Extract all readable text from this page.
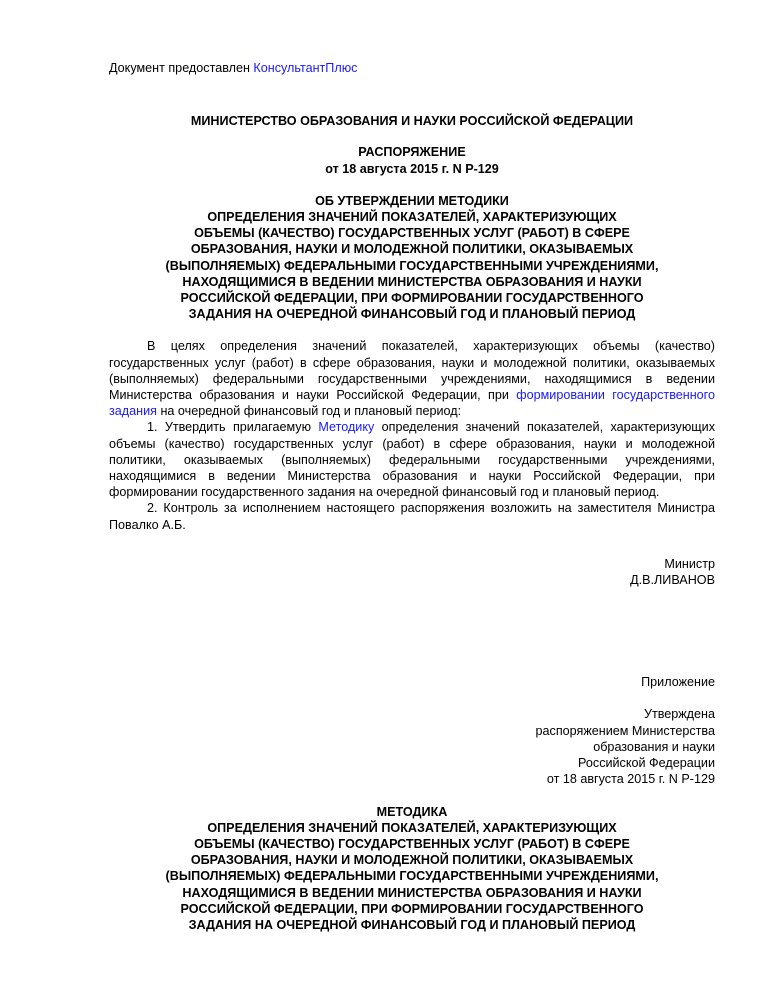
Документ предоставлен КонсультантПлюс

МИНИСТЕРСТВО ОБРАЗОВАНИЯ И НАУКИ РОССИЙСКОЙ ФЕДЕРАЦИИ

РАСПОРЯЖЕНИЕ

от 18 августа 2015 г. N Р-129

ОБ УТВЕРЖДЕНИИ МЕТОДИКИ

ОПРЕДЕЛЕНИЯ ЗНАЧЕНИЙ ПОКАЗАТЕЛЕЙ, ХАРАКТЕРИЗУЮЩИХ

ОБЪЕМЫ (КАЧЕСТВО) ГОСУДАРСТВЕННЫХ УСЛУГ (РАБОТ) В СФЕРЕ

ОБРАЗОВАНИЯ, НАУКИ И МОЛОДЕЖНОЙ ПОЛИТИКИ, ОКАЗЫВАЕМЫХ

(ВЫПОЛНЯЕМЫХ) ФЕДЕРАЛЬНЫМИ ГОСУДАРСТВЕННЫМИ УЧРЕЖДЕНИЯМИ,

НАХОДЯЩИМИСЯ В ВЕДЕНИИ МИНИСТЕРСТВА ОБРАЗОВАНИЯ И НАУКИ

РОССИЙСКОЙ ФЕДЕРАЦИИ, ПРИ ФОРМИРОВАНИИ ГОСУДАРСТВЕННОГО

ЗАДАНИЯ НА ОЧЕРЕДНОЙ ФИНАНСОВЫЙ ГОД И ПЛАНОВЫЙ ПЕРИОД

В целях определения значений показателей, характеризующих объемы (качество) государственных услуг (работ) в сфере образования, науки и молодежной политики, оказываемых (выполняемых) федеральными государственными учреждениями, находящимися в ведении Министерства образования и науки Российской Федерации, при формировании государственного задания на очередной финансовый год и плановый период:

1. Утвердить прилагаемую Методику определения значений показателей, характеризующих объемы (качество) государственных услуг (работ) в сфере образования, науки и молодежной политики, оказываемых (выполняемых) федеральными государственными учреждениями, находящимися в ведении Министерства образования и науки Российской Федерации, при формировании государственного задания на очередной финансовый год и плановый период.

2. Контроль за исполнением настоящего распоряжения возложить на заместителя Министра Повалко А.Б.

Министр
Д.В.ЛИВАНОВ
Приложение
Утверждена
распоряжением Министерства
образования и науки
Российской Федерации
от 18 августа 2015 г. N Р-129

МЕТОДИКА

ОПРЕДЕЛЕНИЯ ЗНАЧЕНИЙ ПОКАЗАТЕЛЕЙ, ХАРАКТЕРИЗУЮЩИХ

ОБЪЕМЫ (КАЧЕСТВО) ГОСУДАРСТВЕННЫХ УСЛУГ (РАБОТ) В СФЕРЕ

ОБРАЗОВАНИЯ, НАУКИ И МОЛОДЕЖНОЙ ПОЛИТИКИ, ОКАЗЫВАЕМЫХ

(ВЫПОЛНЯЕМЫХ) ФЕДЕРАЛЬНЫМИ ГОСУДАРСТВЕННЫМИ УЧРЕЖДЕНИЯМИ,

НАХОДЯЩИМИСЯ В ВЕДЕНИИ МИНИСТЕРСТВА ОБРАЗОВАНИЯ И НАУКИ

РОССИЙСКОЙ ФЕДЕРАЦИИ, ПРИ ФОРМИРОВАНИИ ГОСУДАРСТВЕННОГО

ЗАДАНИЯ НА ОЧЕРЕДНОЙ ФИНАНСОВЫЙ ГОД И ПЛАНОВЫЙ ПЕРИОД
